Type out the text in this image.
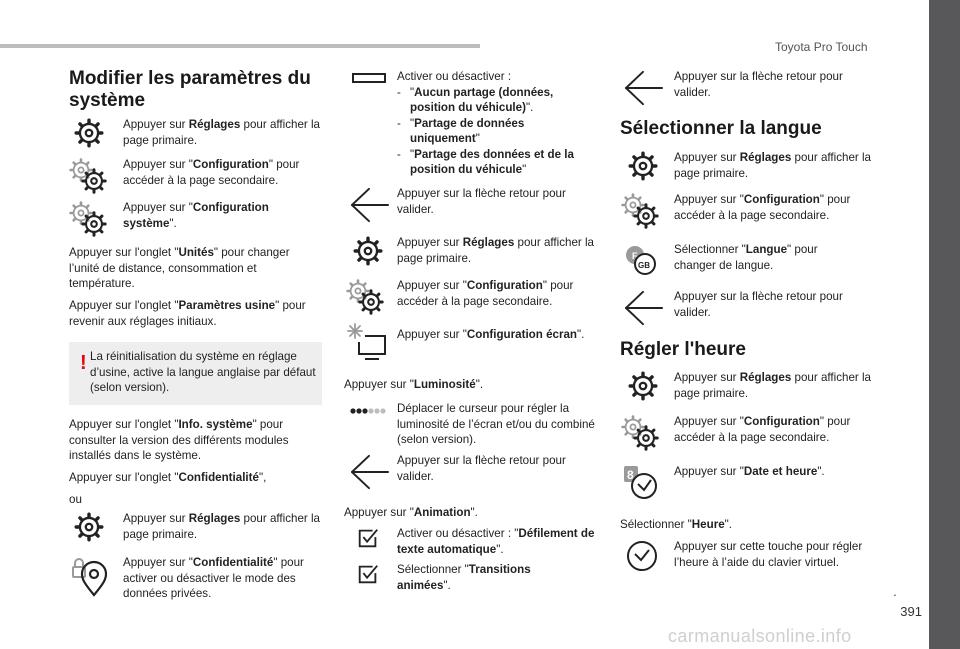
Toyota Pro Touch
.
391
carmanualsonline.info
Modifier les paramètres du
système
Appuyer sur Réglages pour afficher la page primaire.
Appuyer sur "Configuration" pour accéder à la page secondaire.
Appuyer sur "Configuration système".
Appuyer sur l'onglet "Unités" pour changer l’unité de distance, consommation et température.
Appuyer sur l'onglet "Paramètres usine" pour revenir aux réglages initiaux.
! La réinitialisation du système en réglage d’usine, active la langue anglaise par défaut (selon version).
Appuyer sur l'onglet "Info. système" pour consulter la version des différents modules installés dans le système.
Appuyer sur l'onglet "Confidentialité",
ou
Appuyer sur Réglages pour afficher la page primaire.
Appuyer sur "Confidentialité" pour activer ou désactiver le mode des données privées.
Activer ou désactiver :
- "Aucun partage (données, position du véhicule)".
- "Partage de données uniquement"
- "Partage des données et de la position du véhicule"
Appuyer sur la flèche retour pour valider.
Appuyer sur Réglages pour afficher la page primaire.
Appuyer sur "Configuration" pour accéder à la page secondaire.
Appuyer sur "Configuration écran".
Appuyer sur "Luminosité".
Déplacer le curseur pour régler la luminosité de l’écran et/ou du combiné (selon version).
Appuyer sur la flèche retour pour valider.
Appuyer sur "Animation".
Activer ou désactiver : "Défilement de texte automatique".
Sélectionner "Transitions animées".
Appuyer sur la flèche retour pour valider.
Sélectionner la langue
Appuyer sur Réglages pour afficher la page primaire.
Appuyer sur "Configuration" pour accéder à la page secondaire.
F
GB
Sélectionner "Langue" pour changer de langue.
Appuyer sur la flèche retour pour valider.
Régler l'heure
Appuyer sur Réglages pour afficher la page primaire.
Appuyer sur "Configuration" pour accéder à la page secondaire.
8	Appuyer sur "Date et heure".
Sélectionner "Heure".
Appuyer sur cette touche pour régler l’heure à l’aide du clavier virtuel.
